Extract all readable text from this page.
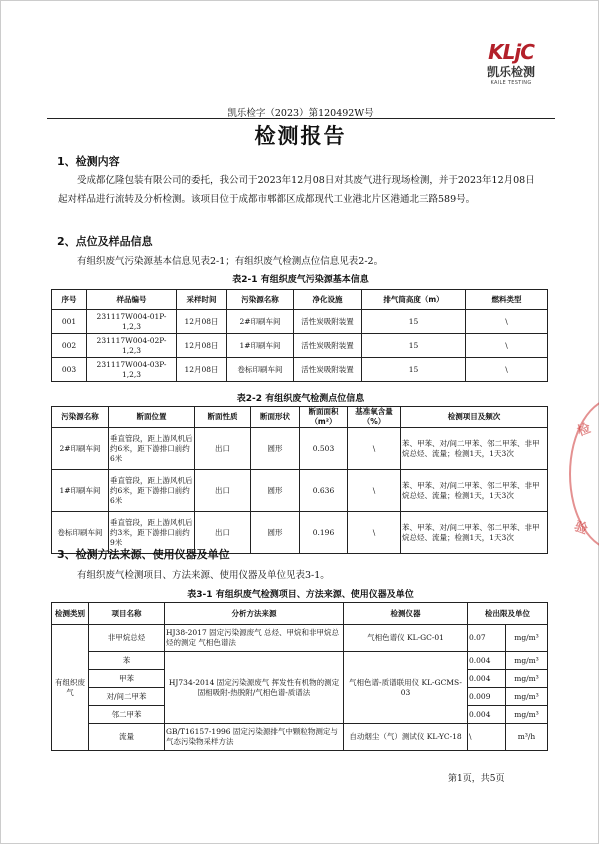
KLjC
凯乐检测
KAILE TESTING
凯乐检字（2023）第120492W号
检测报告
1、检测内容
受成都亿隆包装有限公司的委托，我公司于2023年12月08日对其废气进行现场检测，并于2023年12月08日起对样品进行流转及分析检测。该项目位于成都市郫都区成都现代工业港北片区港通北三路589号。
2、点位及样品信息
有组织废气污染源基本信息见表2-1；有组织废气检测点位信息见表2-2。
表2-1 有组织废气污染源基本信息
序号	样品编号	采样时间	污染源名称	净化设施	排气筒高度（m）	燃料类型
001	231117W004-01P-1,2,3	12月08日	2#印刷车间	活性炭吸附装置	15	\
002	231117W004-02P-1,2,3	12月08日	1#印刷车间	活性炭吸附装置	15	\
003	231117W004-03P-1,2,3	12月08日	卷标印刷车间	活性炭吸附装置	15	\
表2-2 有组织废气检测点位信息
污染源名称	断面位置	断面性质	断面形状	断面面积（m²）	基准氧含量（%）	检测项目及频次
2#印刷车间	垂直管段，距上游风机后约6米，距下游排口前约6米	出口	圆形	0.503	\	苯、甲苯、对/间二甲苯、邻二甲苯、非甲烷总烃、流量；检测1天，1天3次
1#印刷车间	垂直管段，距上游风机后约6米，距下游排口前约6米	出口	圆形	0.636	\	苯、甲苯、对/间二甲苯、邻二甲苯、非甲烷总烃、流量；检测1天，1天3次
卷标印刷车间	垂直管段，距上游风机后约3米，距下游排口前约9米	出口	圆形	0.196	\	苯、甲苯、对/间二甲苯、邻二甲苯、非甲烷总烃、流量；检测1天，1天3次
3、检测方法来源、使用仪器及单位
有组织废气检测项目、方法来源、使用仪器及单位见表3-1。
表3-1 有组织废气检测项目、方法来源、使用仪器及单位
检测类别	项目名称	分析方法来源	检测仪器	检出限及单位	
有组织废气	非甲烷总烃	HJ38-2017 固定污染源废气 总烃、甲烷和非甲烷总烃的测定 气相色谱法	气相色谱仪 KL-GC-01	0.07	mg/m³
	苯	HJ734-2014 固定污染源废气 挥发性有机物的测定 固相吸附-热脱附/气相色谱-质谱法	气相色谱-质谱联用仪 KL-GCMS-03	0.004	mg/m³
	甲苯			0.004	mg/m³
	对/间二甲苯			0.009	mg/m³
	邻二甲苯			0.004	mg/m³
	流量	GB/T16157-1996 固定污染源排气中颗粒物测定与气态污染物采样方法	自动烟尘（气）测试仪 KL-YC-18	\	m³/h
检
验
第1页，共5页
